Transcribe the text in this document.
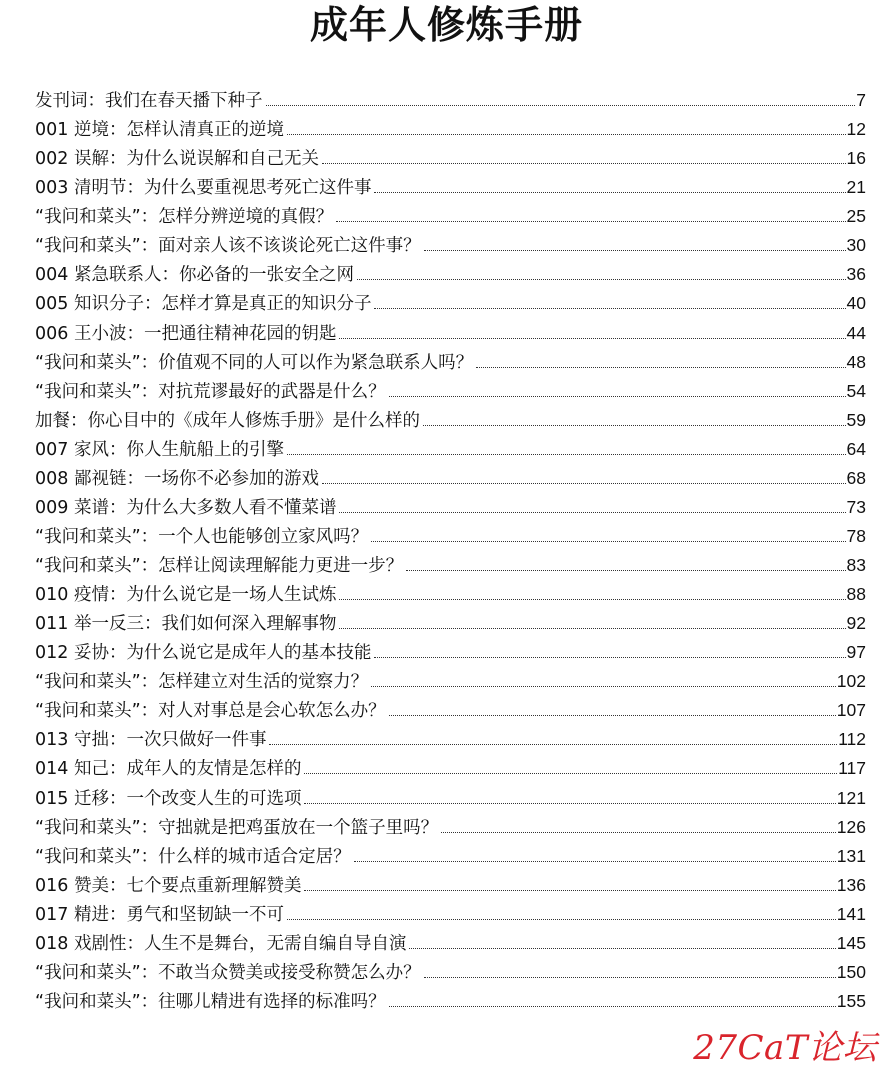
成年人修炼手册
发刊词：我们在春天播下种子	7
001 逆境：怎样认清真正的逆境	12
002 误解：为什么说误解和自己无关	16
003 清明节：为什么要重视思考死亡这件事	21
“我问和菜头”：怎样分辨逆境的真假？	25
“我问和菜头”：面对亲人该不该谈论死亡这件事？	30
004 紧急联系人：你必备的一张安全之网	36
005 知识分子：怎样才算是真正的知识分子	40
006 王小波：一把通往精神花园的钥匙	44
“我问和菜头”：价值观不同的人可以作为紧急联系人吗？	48
“我问和菜头”：对抗荒谬最好的武器是什么？	54
加餐：你心目中的《成年人修炼手册》是什么样的	59
007 家风：你人生航船上的引擎	64
008 鄙视链：一场你不必参加的游戏	68
009 菜谱：为什么大多数人看不懂菜谱	73
“我问和菜头”：一个人也能够创立家风吗？	78
“我问和菜头”：怎样让阅读理解能力更进一步？	83
010 疫情：为什么说它是一场人生试炼	88
011 举一反三：我们如何深入理解事物	92
012 妥协：为什么说它是成年人的基本技能	97
“我问和菜头”：怎样建立对生活的觉察力？	102
“我问和菜头”：对人对事总是会心软怎么办？	107
013 守拙：一次只做好一件事	112
014 知己：成年人的友情是怎样的	117
015 迁移：一个改变人生的可选项	121
“我问和菜头”：守拙就是把鸡蛋放在一个篮子里吗？	126
“我问和菜头”：什么样的城市适合定居？	131
016 赞美：七个要点重新理解赞美	136
017 精进：勇气和坚韧缺一不可	141
018 戏剧性：人生不是舞台，无需自编自导自演	145
“我问和菜头”：不敢当众赞美或接受称赞怎么办？	150
“我问和菜头”：往哪儿精进有选择的标准吗？	155
27CaT论坛
